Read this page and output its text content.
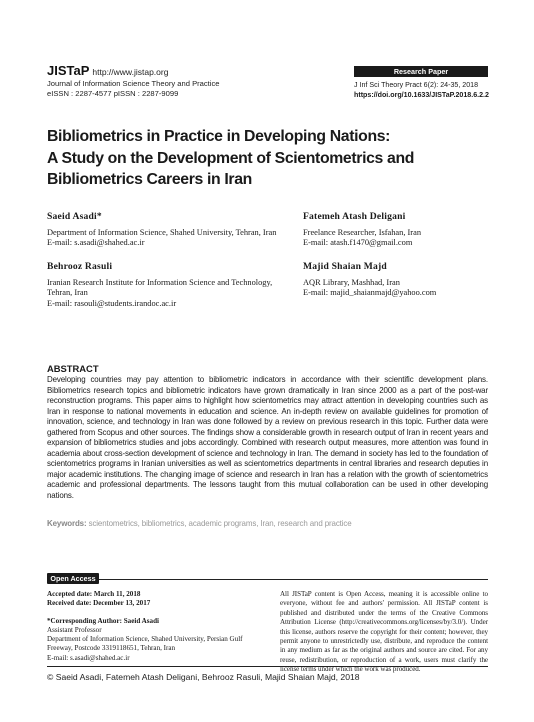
JISTaP http://www.jistap.org
Journal of Information Science Theory and Practice
eISSN : 2287-4577 pISSN : 2287-9099
Research Paper
J Inf Sci Theory Pract 6(2): 24-35, 2018
https://doi.org/10.1633/JISTaP.2018.6.2.2
Bibliometrics in Practice in Developing Nations:
A Study on the Development of Scientometrics and
Bibliometrics Careers in Iran
Saeid Asadi*
Department of Information Science, Shahed University, Tehran, Iran
E-mail: s.asadi@shahed.ac.ir
Fatemeh Atash Deligani
Freelance Researcher, Isfahan, Iran
E-mail: atash.f1470@gmail.com
Behrooz Rasuli
Iranian Research Institute for Information Science and Technology,
Tehran, Iran
E-mail: rasouli@students.irandoc.ac.ir
Majid Shaian Majd
AQR Library, Mashhad, Iran
E-mail: majid_shaianmajd@yahoo.com
ABSTRACT
Developing countries may pay attention to bibliometric indicators in accordance with their scientific development plans. Bibliometrics research topics and bibliometric indicators have grown dramatically in Iran since 2000 as a part of the post-war reconstruction programs. This paper aims to highlight how scientometrics may attract attention in developing countries such as Iran in response to national movements in education and science. An in-depth review on available guidelines for promotion of innovation, science, and technology in Iran was done followed by a review on previous research in this topic. Further data were gathered from Scopus and other sources. The findings show a considerable growth in research output of Iran in recent years and expansion of bibliometrics studies and jobs accordingly. Combined with research output measures, more attention was found in academia about cross-section development of science and technology in Iran. The demand in society has led to the foundation of scientometrics programs in Iranian universities as well as scientometrics departments in central libraries and research deputies in major academic institutions. The changing image of science and research in Iran has a relation with the growth of scientometrics academic and professional departments. The lessons taught from this mutual collaboration can be used in other developing nations.
Keywords: scientometrics, bibliometrics, academic programs, Iran, research and practice
Open Access
Accepted date: March 11, 2018
Received date: December 13, 2017
*Corresponding Author: Saeid Asadi
Assistant Professor
Department of Information Science, Shahed University, Persian Gulf Freeway, Postcode 3319118651, Tehran, Iran
E-mail: s.asadi@shahed.ac.ir
All JISTaP content is Open Access, meaning it is accessible online to everyone, without fee and authors' permission. All JISTaP content is published and distributed under the terms of the Creative Commons Attribution License (http://creativecommons.org/licenses/by/3.0/). Under this license, authors reserve the copyright for their content; however, they permit anyone to unrestrictedly use, distribute, and reproduce the content in any medium as far as the original authors and source are cited. For any reuse, redistribution, or reproduction of a work, users must clarify the license terms under which the work was produced.
© Saeid Asadi, Fatemeh Atash Deligani, Behrooz Rasuli, Majid Shaian Majd, 2018
